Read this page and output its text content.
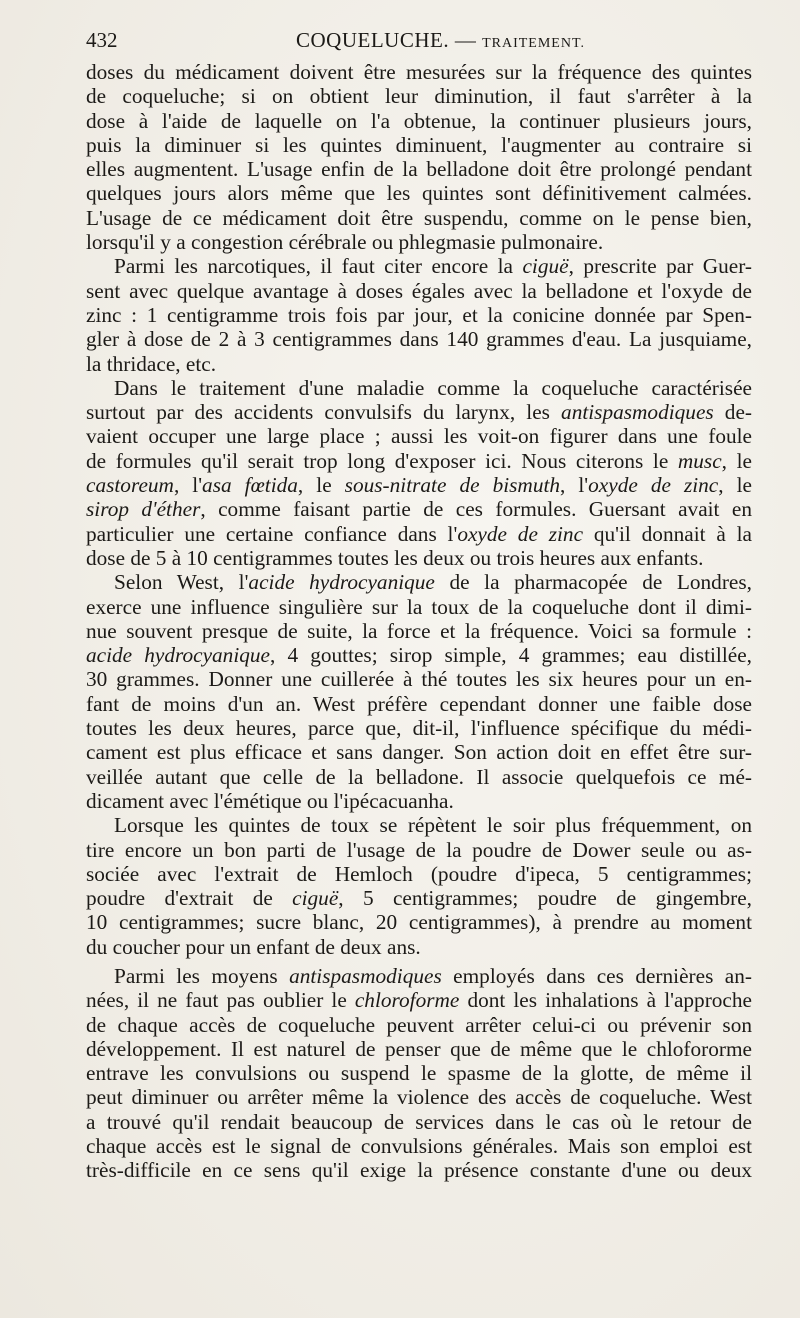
432	COQUELUCHE. — TRAITEMENT.
doses du médicament doivent être mesurées sur la fréquence des quintes
de coqueluche; si on obtient leur diminution, il faut s'arrêter à la
dose à l'aide de laquelle on l'a obtenue, la continuer plusieurs jours,
puis la diminuer si les quintes diminuent, l'augmenter au contraire si
elles augmentent. L'usage enfin de la belladone doit être prolongé pendant
quelques jours alors même que les quintes sont définitivement calmées.
L'usage de ce médicament doit être suspendu, comme on le pense bien,
lorsqu'il y a congestion cérébrale ou phlegmasie pulmonaire.
Parmi les narcotiques, il faut citer encore la ciguë, prescrite par Guer-
sent avec quelque avantage à doses égales avec la belladone et l'oxyde de
zinc : 1 centigramme trois fois par jour, et la conicine donnée par Spen-
gler à dose de 2 à 3 centigrammes dans 140 grammes d'eau. La jusquiame,
la thridace, etc.
Dans le traitement d'une maladie comme la coqueluche caractérisée
surtout par des accidents convulsifs du larynx, les antispasmodiques de-
vaient occuper une large place ; aussi les voit-on figurer dans une foule
de formules qu'il serait trop long d'exposer ici. Nous citerons le musc, le
castoreum, l'asa fœtida, le sous-nitrate de bismuth, l'oxyde de zinc, le
sirop d'éther, comme faisant partie de ces formules. Guersant avait en
particulier une certaine confiance dans l'oxyde de zinc qu'il donnait à la
dose de 5 à 10 centigrammes toutes les deux ou trois heures aux enfants.
Selon West, l'acide hydrocyanique de la pharmacopée de Londres,
exerce une influence singulière sur la toux de la coqueluche dont il dimi-
nue souvent presque de suite, la force et la fréquence. Voici sa formule :
acide hydrocyanique, 4 gouttes; sirop simple, 4 grammes; eau distillée,
30 grammes. Donner une cuillerée à thé toutes les six heures pour un en-
fant de moins d'un an. West préfère cependant donner une faible dose
toutes les deux heures, parce que, dit-il, l'influence spécifique du médi-
cament est plus efficace et sans danger. Son action doit en effet être sur-
veillée autant que celle de la belladone. Il associe quelquefois ce mé-
dicament avec l'émétique ou l'ipécacuanha.
Lorsque les quintes de toux se répètent le soir plus fréquemment, on
tire encore un bon parti de l'usage de la poudre de Dower seule ou as-
sociée avec l'extrait de Hemloch (poudre d'ipeca, 5 centigrammes;
poudre d'extrait de ciguë, 5 centigrammes; poudre de gingembre,
10 centigrammes; sucre blanc, 20 centigrammes), à prendre au moment
du coucher pour un enfant de deux ans.
Parmi les moyens antispasmodiques employés dans ces dernières an-
nées, il ne faut pas oublier le chloroforme dont les inhalations à l'approche
de chaque accès de coqueluche peuvent arrêter celui-ci ou prévenir son
développement. Il est naturel de penser que de même que le chlofororme
entrave les convulsions ou suspend le spasme de la glotte, de même il
peut diminuer ou arrêter même la violence des accès de coqueluche. West
a trouvé qu'il rendait beaucoup de services dans le cas où le retour de
chaque accès est le signal de convulsions générales. Mais son emploi est
très-difficile en ce sens qu'il exige la présence constante d'une ou deux
